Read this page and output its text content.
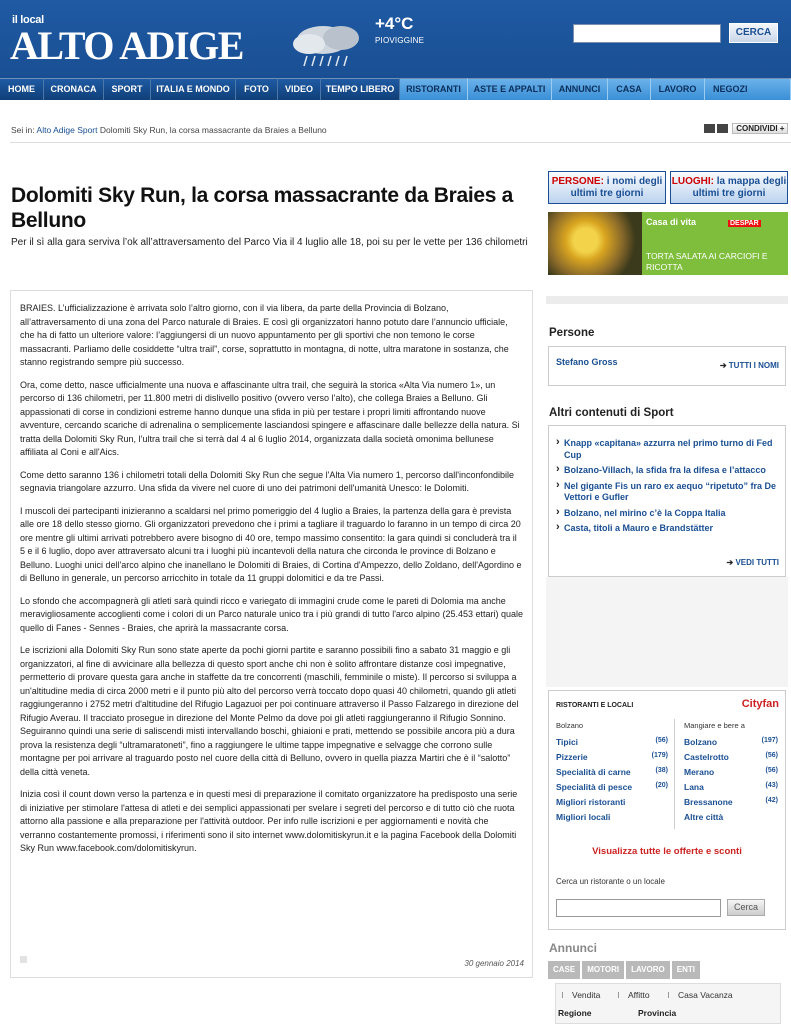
il local
ALTO ADIGE	+4°C
PIOVIGGINE
CERCA
HOME	CRONACA	SPORT	ITALIA E MONDO	FOTO	VIDEO	TEMPO LIBERO	RISTORANTI	ASTE E APPALTI	ANNUNCI	CASA	LAVORO	NEGOZI
Sei in: Alto Adige Sport Dolomiti Sky Run, la corsa massacrante da Braies a Belluno	CONDIVIDI +
Dolomiti Sky Run, la corsa massacrante da Braies a Belluno
Per il sì alla gara serviva l’ok all’attraversamento del Parco Via il 4 luglio alle 18, poi su per le vette per 136 chilometri

BRAIES. L’ufficializzazione è arrivata solo l’altro giorno, con il via libera, da parte della Provincia di Bolzano, all’attraversamento di una zona del Parco naturale di Braies. E così gli organizzatori hanno potuto dare l’annuncio ufficiale, che ha di fatto un ulteriore valore: l’aggiungersi di un nuovo appuntamento per gli sportivi che non temono le corse massacranti. Parliamo delle cosiddette “ultra trail”, corse, soprattutto in montagna, di notte, ultra maratone in sostanza, che stanno registrando sempre più successo.

Ora, come detto, nasce ufficialmente una nuova e affascinante ultra trail, che seguirà la storica «Alta Via numero 1», un percorso di 136 chilometri, per 11.800 metri di dislivello positivo (ovvero verso l’alto), che collega Braies a Belluno. Gli appassionati di corse in condizioni estreme hanno dunque una sfida in più per testare i propri limiti affrontando nuove avventure, cercando scariche di adrenalina o semplicemente lasciandosi spingere e affascinare dalle bellezze della natura. Si tratta della Dolomiti Sky Run, l’ultra trail che si terrà dal 4 al 6 luglio 2014, organizzata dalla società omonima bellunese affiliata al Coni e all'Aics.

Come detto saranno 136 i chilometri totali della Dolomiti Sky Run che segue l'Alta Via numero 1, percorso dall'inconfondibile segnavia triangolare azzurro. Una sfida da vivere nel cuore di uno dei patrimoni dell'umanità Unesco: le Dolomiti.

I muscoli dei partecipanti inizieranno a scaldarsi nel primo pomeriggio del 4 luglio a Braies, la partenza della gara è prevista alle ore 18 dello stesso giorno. Gli organizzatori prevedono che i primi a tagliare il traguardo lo faranno in un tempo di circa 20 ore mentre gli ultimi arrivati potrebbero avere bisogno di 40 ore, tempo massimo consentito: la gara quindi si concluderà tra il 5 e il 6 luglio, dopo aver attraversato alcuni tra i luoghi più incantevoli della natura che circonda le province di Bolzano e Belluno. Luoghi unici dell'arco alpino che inanellano le Dolomiti di Braies, di Cortina d'Ampezzo, dello Zoldano, dell'Agordino e di Belluno in generale, un percorso arricchito in totale da 11 gruppi dolomitici e da tre Passi.

Lo sfondo che accompagnerà gli atleti sarà quindi ricco e variegato di immagini crude come le pareti di Dolomia ma anche meravigliosamente accoglienti come i colori di un Parco naturale unico tra i più grandi di tutto l'arco alpino (25.453 ettari) quale quello di Fanes - Sennes - Braies, che aprirà la massacrante corsa.

Le iscrizioni alla Dolomiti Sky Run sono state aperte da pochi giorni partite e saranno possibili fino a sabato 31 maggio e gli organizzatori, al fine di avvicinare alla bellezza di questo sport anche chi non è solito affrontare distanze così impegnative, permetterio di provare questa gara anche in staffette da tre concorrenti (maschili, femminile o miste). Il percorso si sviluppa a un'altitudine media di circa 2000 metri e il punto più alto del percorso verrà toccato dopo quasi 40 chilometri, quando gli atleti raggiungeranno i 2752 metri d'altitudine del Rifugio Lagazuoi per poi continuare attraverso il Passo Falzarego in direzione del Rifugio Averau. Il tracciato prosegue in direzione del Monte Pelmo da dove poi gli atleti raggiungeranno il Rifugio Sonnino. Seguiranno quindi una serie di saliscendi misti intervallando boschi, ghiaioni e prati, mettendo se possibile ancora più a dura prova la resistenza degli “ultramaratoneti”, fino a raggiungere le ultime tappe impegnative e selvagge che corrono sulle montagne per poi arrivare al traguardo posto nel cuore della città di Belluno, ovvero in quella piazza Martiri che è il “salotto” della città veneta.

Inizia così il count down verso la partenza e in questi mesi di preparazione il comitato organizzatore ha predisposto una serie di iniziative per stimolare l'attesa di atleti e dei semplici appassionati per svelare i segreti del percorso e di tutto ciò che ruota attorno alla passione e alla preparazione per l'attività outdoor. Per info rulle iscrizioni e per aggiornamenti e novità che verranno costantemente promossi, i riferimenti sono il sito internet www.dolomitiskyrun.it e la pagina Facebook della Dolomiti Sky Run www.facebook.com/dolomitiskyrun.

30 gennaio 2014
PERSONE: i nomi degli ultimi tre giorni
LUOGHI: la mappa degli ultimi tre giorni
Casa di vita	DESPAR
TORTA SALATA AI CARCIOFI E RICOTTA
Persone
Stefano Gross
➔	TUTTI I NOMI
Altri contenuti di Sport
› Knapp «capitana» azzurra nel primo turno di Fed Cup
› Bolzano-Villach, la sfida fra la difesa e l’attacco
› Nel gigante Fis un raro ex aequo “ripetuto” fra De Vettori e Gufler
› Bolzano, nel mirino c’è la Coppa Italia
› Casta, titoli a Mauro e Brandstätter
➔ VEDI TUTTI
RISTORANTI E LOCALI	Cityfan
Bolzano	Mangiare e bere a
Tipici	(56)
Pizzerie	(179)
Specialità di carne	(38)
Specialità di pesce	(20)
Migliori ristoranti
Migliori locali
Bolzano	(197)
Castelrotto	(56)
Merano	(56)
Lana	(43)
Bressanone	(42)
Altre città
Visualizza tutte le offerte e sconti
Cerca un ristorante o un locale
Cerca
Annunci
CASE MOTORI LAVORO ENTI
Vendita	Affitto	Casa Vacanza
Regione	Provincia
